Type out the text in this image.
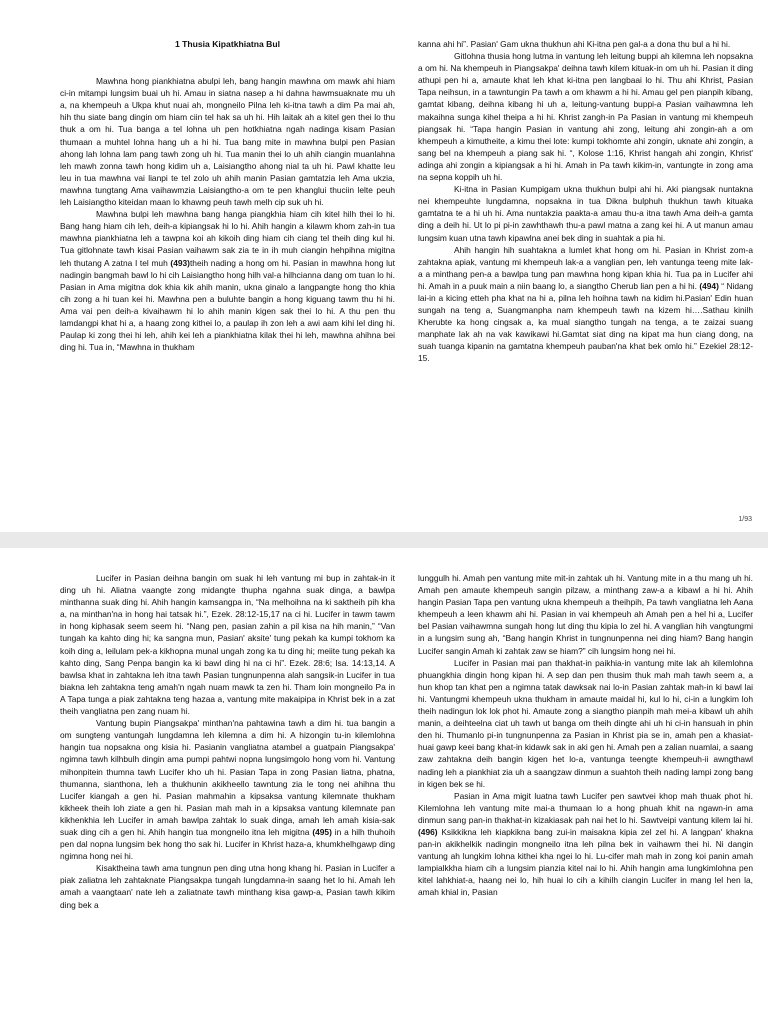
1 Thusia Kipatkhiatna Bul

Mawhna hong piankhiatna abulpi leh, bang hangin mawhna om mawk ahi hiam ci-in mitampi lungsim buai uh hi. Amau in siatna nasep a hi dahna hawmsuaknate mu uh a, na khempeuh a Ukpa khut nuai ah, mongneilo Pilna leh ki-itna tawh a dim Pa mai ah, hih thu siate bang dingin om hiam ciin tel hak sa uh hi. Hih laitak ah a kitel gen thei lo thu thuk a om hi. Tua banga a tel lohna uh pen hotkhiatna ngah nadinga kisam Pasian thumaan a muhtel lohna hang uh a hi hi. Tua bang mite in mawhna bulpi pen Pasian ahong lah lohna lam pang tawh zong uh hi. Tua manin thei lo uh ahih ciangin muanlahna leh mawh zonna tawh hong kidim uh a, Laisiangtho ahong nial ta uh hi. Pawl khatte leu leu in tua mawhna vai lianpi te tel zolo uh ahih manin Pasian gamtatzia leh Ama ukzia, mawhna tungtang Ama vaihawmzia Laisiangtho-a om te pen khanglui thuciin lelte peuh leh Laisiangtho kiteidan maan lo khawng peuh tawh melh cip suk uh hi.

Mawhna bulpi leh mawhna bang hanga piangkhia hiam cih kitel hilh thei lo hi. Bang hang hiam cih leh, deih-a kipiangsak hi lo hi. Ahih hangin a kilawm khom zah-in tua mawhna piankhiatna leh a tawpna koi ah kikoih ding hiam cih ciang tel theih ding kul hi. Tua gitlohnate tawh kisai Pasian vaihawm sak zia te in ih muh ciangin hehpihna migitna leh thutang A zatna I tel muh (493)theih nading a hong om hi. Pasian in mawhna hong lut nadingin bangmah bawl lo hi cih Laisiangtho hong hilh val-a hilhcianna dang om tuan lo hi. Pasian in Ama migitna dok khia kik ahih manin, ukna ginalo a langpangte hong tho khia cih zong a hi tuan kei hi. Mawhna pen a buluhte bangin a hong kiguang tawm thu hi hi. Ama vai pen deih-a kivaihawm hi lo ahih manin kigen sak thei lo hi. A thu pen thu lamdangpi khat hi a, a haang zong kithei lo, a paulap ih zon leh a awi aam kihi lel ding hi. Paulap ki zong thei hi leh, ahih kei leh a piankhiatna kilak thei hi leh, mawhna ahihna bei ding hi. Tua in, “Mawhna in thukham

kanna ahi hi”. Pasian' Gam ukna thukhun ahi Ki-itna pen gal-a a dona thu bul a hi hi.

Gitlohna thusia hong lutma in vantung leh leitung buppi ah kilemna leh nopsakna a om hi. Na khempeuh in Piangsakpa' deihna tawh kilem kituak-in om uh hi. Pasian it ding athupi pen hi a, amaute khat leh khat ki-itna pen langbaai lo hi. Thu ahi Khrist, Pasian Tapa neihsun, in a tawntungin Pa tawh a om khawm a hi hi. Amau gel pen pianpih kibang, gamtat kibang, deihna kibang hi uh a, leitung-vantung buppi-a Pasian vaihawmna leh makaihna sunga kihel theipa a hi hi. Khrist zangh-in Pa Pasian in vantung mi khempeuh piangsak hi. “Tapa hangin Pasian in vantung ahi zong, leitung ahi zongin-ah a om khempeuh a kimutheite, a kimu thei lote: kumpi tokhomte ahi zongin, uknate ahi zongin, a sang bel na khempeuh a piang sak hi. “, Kolose 1:16, Khrist hangah ahi zongin, Khrist' adinga ahi zongin a kipiangsak a hi hi. Amah in Pa tawh kikim-in, vantungte in zong ama na sepna koppih uh hi.

Ki-itna in Pasian Kumpigam ukna thukhun bulpi ahi hi. Aki piangsak nuntakna nei khempeuhte lungdamna, nopsakna in tua Dikna bulphuh thukhun tawh kituaka gamtatna te a hi uh hi. Ama nuntakzia paakta-a amau thu-a itna tawh Ama deih-a gamta ding a deih hi. Ut lo pi pi-in zawhthawh thu-a pawl matna a zang kei hi. A ut manun amau lungsim kuan utna tawh kipawlna anei bek ding in suahtak a pia hi.

Ahih hangin hih suahtakna a lumlet khat hong om hi. Pasian in Khrist zom-a zahtakna apiak, vantung mi khempeuh lak-a a vanglian pen, leh vantunga teeng mite lak-a a minthang pen-a a bawlpa tung pan mawhna hong kipan khia hi. Tua pa in Lucifer ahi hi. Amah in a puuk main a niin baang lo, a siangtho Cherub lian pen a hi hi. (494) “ Nidang lai-in a kicing etteh pha khat na hi a, pilna leh hoihna tawh na kidim hi.Pasian' Edin huan sungah na teng a, Suangmanpha nam khempeuh tawh na kizem hi….Sathau kinilh Kherubte ka hong cingsak a, ka mual siangtho tungah na tenga, a te zaizai suang manphate lak ah na vak kawikawi hi.Gamtat siat ding na kipat ma hun ciang dong, na suah tuanga kipanin na gamtatna khempeuh pauban'na khat bek omlo hi.” Ezekiel 28:12-15.

1/93

Lucifer in Pasian deihna bangin om suak hi leh vantung mi bup in zahtak-in it ding uh hi. Aliatna vaangte zong midangte thupha ngahna suak dinga, a bawlpa minthanna suak ding hi. Ahih hangin kamsangpa in, “Na melhoihna na ki saktheih pih kha a, na minthan'na in hong hai tatsak hi.”, Ezek. 28:12-15,17 na ci hi. Lucifer in tawm tawm in hong kiphasak seem seem hi. “Nang pen, pasian zahin a pil kisa na hih manin,” “Van tungah ka kahto ding hi; ka sangna mun, Pasian' aksite' tung pekah ka kumpi tokhom ka koih ding a, leilulam pek-a kikhopna munal ungah zong ka tu ding hi; meiite tung pekah ka kahto ding, Sang Penpa bangin ka ki bawl ding hi na ci hi”. Ezek. 28:6; Isa. 14:13,14. A bawlsa khat in zahtakna leh itna tawh Pasian tungnunpenna alah sangsik-in Lucifer in tua biakna leh zahtakna teng amah'n ngah nuam mawk ta zen hi. Tham loin mongneilo Pa in A Tapa tunga a piak zahtakna teng hazaa a, vantung mite makaipipa in Khrist bek in a zat theih vangliatna pen zang nuam hi.

Vantung bupin Piangsakpa' minthan'na pahtawina tawh a dim hi. tua bangin a om sungteng vantungah lungdamna leh kilemna a dim hi. A hizongin tu-in kilemlohna hangin tua nopsakna ong kisia hi. Pasianin vangliatna atambel a guatpain Piangsakpa' ngimna tawh kilhbulh dingin ama pumpi pahtwi nopna lungsimgolo hong vom hi. Vantung mihonpitein thumna tawh Lucifer kho uh hi. Pasian Tapa in zong Pasian liatna, phatna, thumanna, sianthona, leh a thukhunin akikheello tawntung zia le tong nei ahihna thu Lucifer kiangah a gen hi. Pasian mahmahin a kipsaksa vantung kilemnate thukham kikheek theih loh ziate a gen hi. Pasian mah mah in a kipsaksa vantung kilemnate pan kikhenkhia leh Lucifer in amah bawlpa zahtak lo suak dinga, amah leh amah kisia-sak suak ding cih a gen hi. Ahih hangin tua mongneilo itna leh migitna (495) in a hilh thuhoih pen dal nopna lungsim bek hong tho sak hi. Lucifer in Khrist haza-a, khumkhelhgawp ding ngimna hong nei hi.

Kisaktheina tawh ama tungnun pen ding utna hong khang hi. Pasian in Lucifer a piak zaliatna leh zahtaknate Piangsakpa tungah lungdamna-in saang het lo hi. Amah leh amah a vaangtaan' nate leh a zaliatnate tawh minthang kisa gawp-a, Pasian tawh kikim ding bek a

lunggulh hi. Amah pen vantung mite mit-in zahtak uh hi. Vantung mite in a thu mang uh hi. Amah pen amaute khempeuh sangin pilzaw, a minthang zaw-a a kibawl a hi hi. Ahih hangin Pasian Tapa pen vantung ukna khempeuh a theihpih, Pa tawh vangliatna leh Aana khempeuh a leen khawm ahi hi. Pasian in vai khempeuh ah Amah pen a hel hi a, Lucifer bel Pasian vaihawmna sungah hong lut ding thu kipia lo zel hi. A vanglian hih vangtungmi in a lungsim sung ah, “Bang hangin Khrist in tungnunpenna nei ding hiam? Bang hangin Lucifer sangin Amah ki zahtak zaw se hiam?” cih lungsim hong nei hi.

Lucifer in Pasian mai pan thakhat-in paikhia-in vantung mite lak ah kilemlohna phuangkhia dingin hong kipan hi. A sep dan pen thusim thuk mah mah tawh seem a, a hun khop tan khat pen a ngimna tatak dawksak nai lo-in Pasian zahtak mah-in ki bawl lai hi. Vantungmi khempeuh ukna thukham in amaute maidal hi, kul lo hi, ci-in a lungkim loh theih nadingun lok lok phot hi. Amaute zong a siangtho pianpih mah mei-a kibawl uh ahih manin, a deihteelna ciat uh tawh ut banga om theih dingte ahi uh hi ci-in hansuah in phin den hi. Thumanlo pi-in tungnunpenna za Pasian in Khrist pia se in, amah pen a khasiat-huai gawp keei bang khat-in kidawk sak in aki gen hi. Amah pen a zalian nuamlai, a saang zaw zahtakna deih bangin kigen het lo-a, vantunga teengte khempeuh-ii awngthawl nading leh a piankhiat zia uh a saangzaw dinmun a suahtoh theih nading lampi zong bang in kigen bek se hi.

Pasian in Ama migit luatna tawh Lucifer pen sawtvei khop mah thuak phot hi. Kilemlohna leh vantung mite mai-a thumaan lo a hong phuah khit na ngawn-in ama dinmun sang pan-in thakhat-in kizakiasak pah nai het lo hi. Sawtveipi vantung kilem lai hi. (496) Ksikkikna leh kiapkikna bang zui-in maisakna kipia zel zel hi. A langpan' khakna pan-in akikhelkik nadingin mongneilo itna leh pilna bek in vaihawm thei hi. Ni dangin vantung ah lungkim lohna kithei kha ngei lo hi. Lu-cifer mah mah in zong koi panin amah lampialkkha hiam cih a lungsim pianzia kitel nai lo hi. Ahih hangin ama lungkimlohna pen kitel lahkhiat-a, haang nei lo, hih huai lo cih a kihilh ciangin Lucifer in mang lel hen la, amah khial in, Pasian
